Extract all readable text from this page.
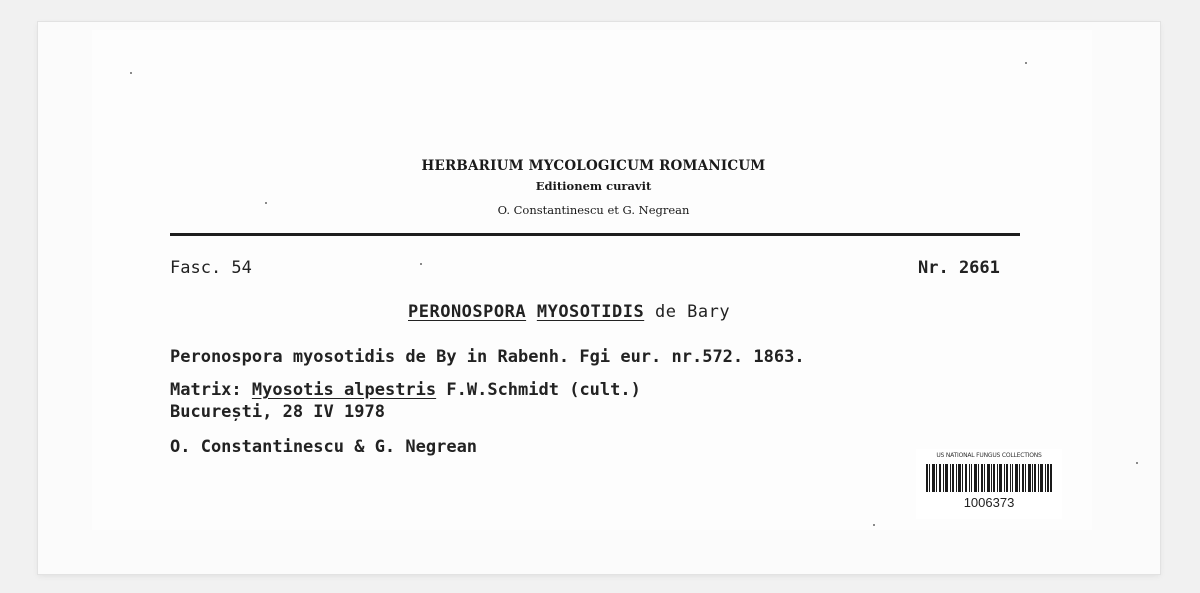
HERBARIUM MYCOLOGICUM ROMANICUM
Editionem curavit
O. Constantinescu et G. Negrean
Fasc. 54	Nr. 2661
PERONOSPORA MYOSOTIDIS de Bary
Peronospora myosotidis de By in Rabenh. Fgi eur. nr.572. 1863.
Matrix: Myosotis alpestris F.W.Schmidt (cult.)
București, 28 IV 1978
O. Constantinescu & G. Negrean	US NATIONAL FUNGUS COLLECTIONS
1006373
